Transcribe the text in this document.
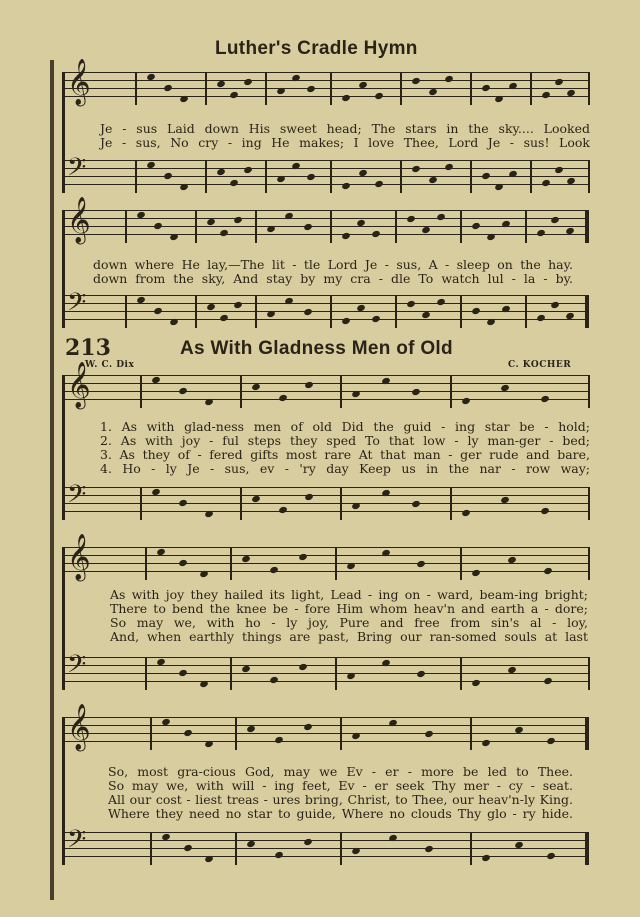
Luther's Cradle Hymn
𝄞
𝄢
𝄞
𝄢
𝄞
𝄢
𝄞
𝄢
𝄞
𝄢
Je - sus Laid down His sweet head; The stars in the sky.... Looked
Je - sus, No cry - ing He makes; I love Thee, Lord Je - sus! Look
down where He lay,—The lit - tle Lord Je - sus, A - sleep on the hay.
down from the sky, And stay by my cra - dle To watch lul - la - by.
213	As With Gladness Men of Old
W. C. Dix	C. KOCHER
1. As with glad-ness men of old Did the guid - ing star be - hold;
2. As with joy - ful steps they sped To that low - ly man-ger - bed;
3. As they of - fered gifts most rare At that man - ger rude and bare,
4. Ho - ly Je - sus, ev - 'ry day Keep us in the nar - row way;
As with joy they hailed its light, Lead - ing on - ward, beam-ing bright;
There to bend the knee be - fore Him whom heav'n and earth a - dore;
So may we, with ho - ly joy, Pure and free from sin's al - loy,
And, when earthly things are past, Bring our ran-somed souls at last
So, most gra-cious God, may we Ev - er - more be led to Thee.
So may we, with will - ing feet, Ev - er seek Thy mer - cy - seat.
All our cost - liest treas - ures bring, Christ, to Thee, our heav'n-ly King.
Where they need no star to guide, Where no clouds Thy glo - ry hide.
